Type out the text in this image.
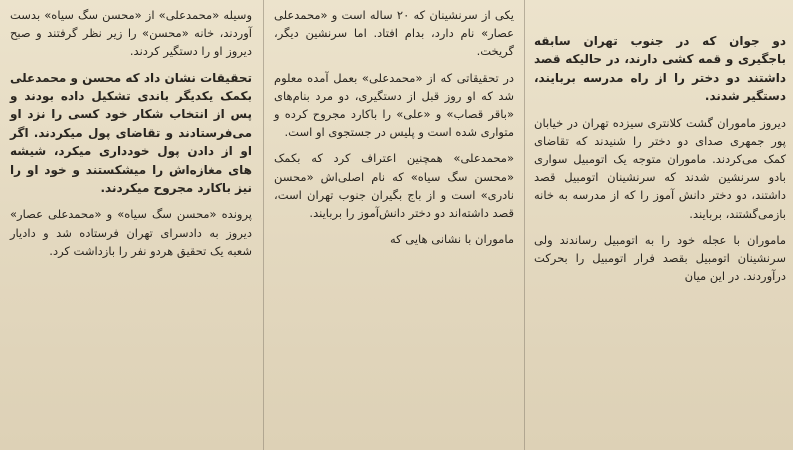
دو جوان که در جنوب تهران سابقه باجگیری و قمه کشی دارند، در حالیکه قصد داشتند دو دختر را از راه مدرسه بربایند، دستگیر شدند.

دیروز ماموران گشت کلانتری سیزده تهران در خیابان پور جمهری صدای دو دختر را شنیدند که تقاضای کمک می‌کردند. ماموران متوجه یک اتومبیل سواری بادو سرنشین شدند که سرنشینان اتومبیل قصد داشتند، دو دختر دانش آموز را که از مدرسه به خانه بازمی‌گشتند، بربایند.

ماموران با عجله خود را به اتومبیل رساندند ولی سرنشینان اتومبیل بقصد فرار اتومبیل را بحرکت درآوردند. در این میان

یکی از سرنشینان که ۲۰ ساله است و «محمدعلی عصار» نام دارد، بدام افتاد. اما سرنشین دیگر، گریخت.

در تحقیقاتی که از «محمدعلی» بعمل آمده معلوم شد که او روز قبل از دستگیری، دو مرد بنام‌های «باقر قصاب» و «علی» را باکارد مجروح کرده و متواری شده است و پلیس در جستجوی او است.

«محمدعلی» همچنین اعتراف کرد که بکمک «محسن سگ سیاه» که نام اصلی‌اش «محسن نادری» است و از باج بگیران جنوب تهران است، قصد داشته‌اند دو دختر دانش‌آموز را بربایند.

ماموران با نشانی هایی که

وسیله «محمدعلی» از «محسن سگ سیاه» بدست آوردند، خانه «محسن» را زیر نظر گرفتند و صبح دیروز او را دستگیر کردند.

تحقیقات نشان داد که محسن و محمدعلی بکمک یکدیگر باندی تشکیل داده بودند و پس از انتخاب شکار خود کسی را نزد او می‌فرستادند و تقاضای پول میکردند. اگر او از دادن پول خودداری میکرد، شیشه های مغازه‌اش را میشکستند و خود او را نیز باکارد مجروح میکردند.

پرونده «محسن سگ سیاه» و «محمدعلی عصار» دیروز به دادسرای تهران فرستاده شد و دادیار شعبه یک تحقیق هردو نفر را بازداشت کرد.
